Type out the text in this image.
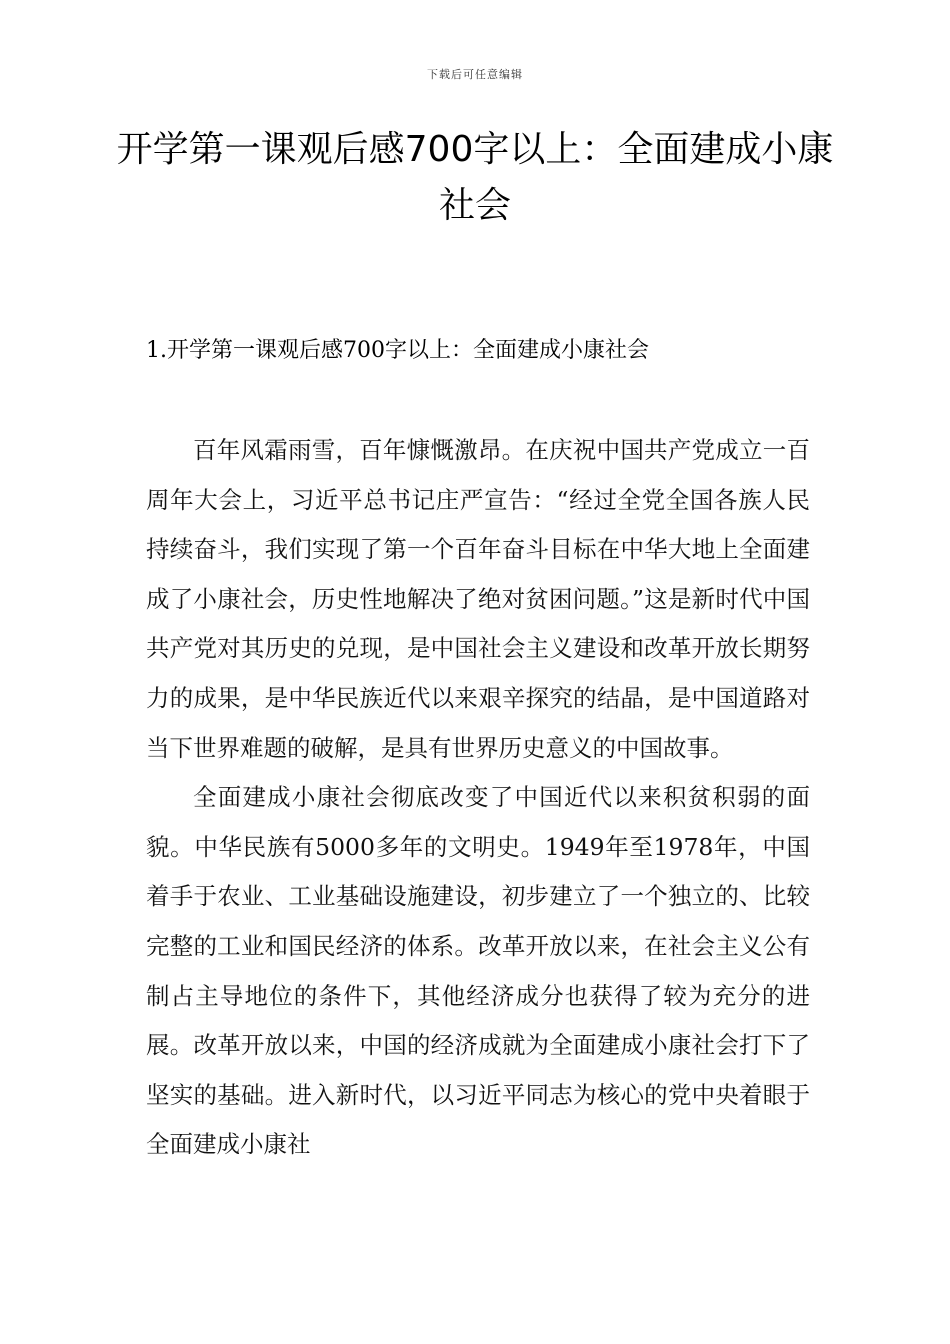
下载后可任意编辑
开学第一课观后感700字以上：全面建成小康社会
1.开学第一课观后感700字以上：全面建成小康社会

百年风霜雨雪，百年慷慨激昂。在庆祝中国共产党成立一百周年大会上，习近平总书记庄严宣告：“经过全党全国各族人民持续奋斗，我们实现了第一个百年奋斗目标在中华大地上全面建成了小康社会，历史性地解决了绝对贫困问题。”这是新时代中国共产党对其历史的兑现，是中国社会主义建设和改革开放长期努力的成果，是中华民族近代以来艰辛探究的结晶，是中国道路对当下世界难题的破解，是具有世界历史意义的中国故事。

全面建成小康社会彻底改变了中国近代以来积贫积弱的面貌。中华民族有5000多年的文明史。1949年至1978年，中国着手于农业、工业基础设施建设，初步建立了一个独立的、比较完整的工业和国民经济的体系。改革开放以来，在社会主义公有制占主导地位的条件下，其他经济成分也获得了较为充分的进展。改革开放以来，中国的经济成就为全面建成小康社会打下了坚实的基础。进入新时代，以习近平同志为核心的党中央着眼于全面建成小康社
